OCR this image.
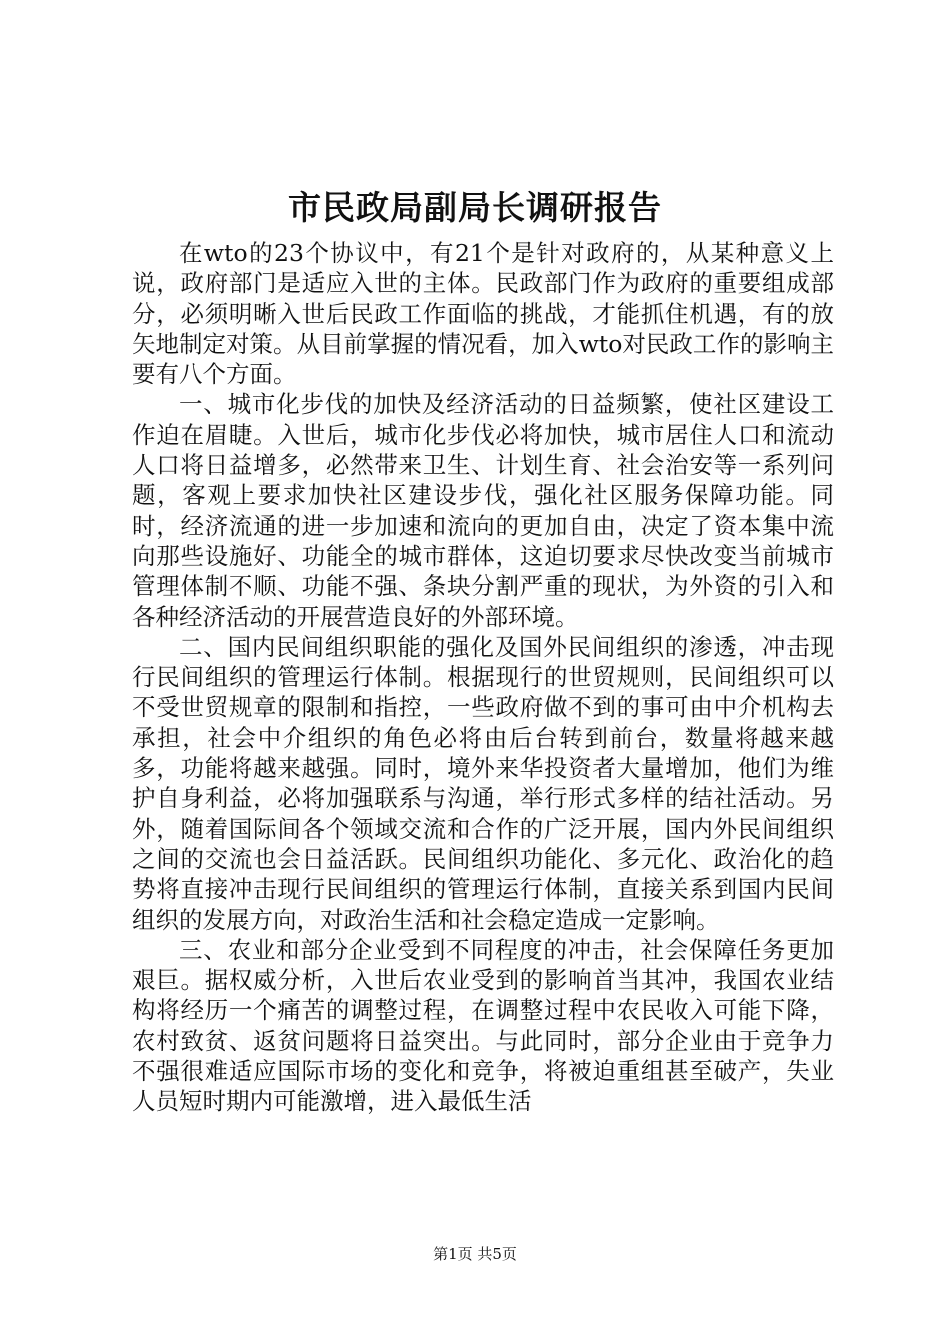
市民政局副局长调研报告

在wto的23个协议中，有21个是针对政府的，从某种意义上说，政府部门是适应入世的主体。民政部门作为政府的重要组成部分，必须明晰入世后民政工作面临的挑战，才能抓住机遇，有的放矢地制定对策。从目前掌握的情况看，加入wto对民政工作的影响主要有八个方面。

一、城市化步伐的加快及经济活动的日益频繁，使社区建设工作迫在眉睫。入世后，城市化步伐必将加快，城市居住人口和流动人口将日益增多，必然带来卫生、计划生育、社会治安等一系列问题，客观上要求加快社区建设步伐，强化社区服务保障功能。同时，经济流通的进一步加速和流向的更加自由，决定了资本集中流向那些设施好、功能全的城市群体，这迫切要求尽快改变当前城市管理体制不顺、功能不强、条块分割严重的现状，为外资的引入和各种经济活动的开展营造良好的外部环境。

二、国内民间组织职能的强化及国外民间组织的渗透，冲击现行民间组织的管理运行体制。根据现行的世贸规则，民间组织可以不受世贸规章的限制和指控，一些政府做不到的事可由中介机构去承担，社会中介组织的角色必将由后台转到前台，数量将越来越多，功能将越来越强。同时，境外来华投资者大量增加，他们为维护自身利益，必将加强联系与沟通，举行形式多样的结社活动。另外，随着国际间各个领域交流和合作的广泛开展，国内外民间组织之间的交流也会日益活跃。民间组织功能化、多元化、政治化的趋势将直接冲击现行民间组织的管理运行体制，直接关系到国内民间组织的发展方向，对政治生活和社会稳定造成一定影响。

三、农业和部分企业受到不同程度的冲击，社会保障任务更加艰巨。据权威分析，入世后农业受到的影响首当其冲，我国农业结构将经历一个痛苦的调整过程，在调整过程中农民收入可能下降，农村致贫、返贫问题将日益突出。与此同时，部分企业由于竞争力不强很难适应国际市场的变化和竞争，将被迫重组甚至破产，失业人员短时期内可能激增，进入最低生活

第1页 共5页
